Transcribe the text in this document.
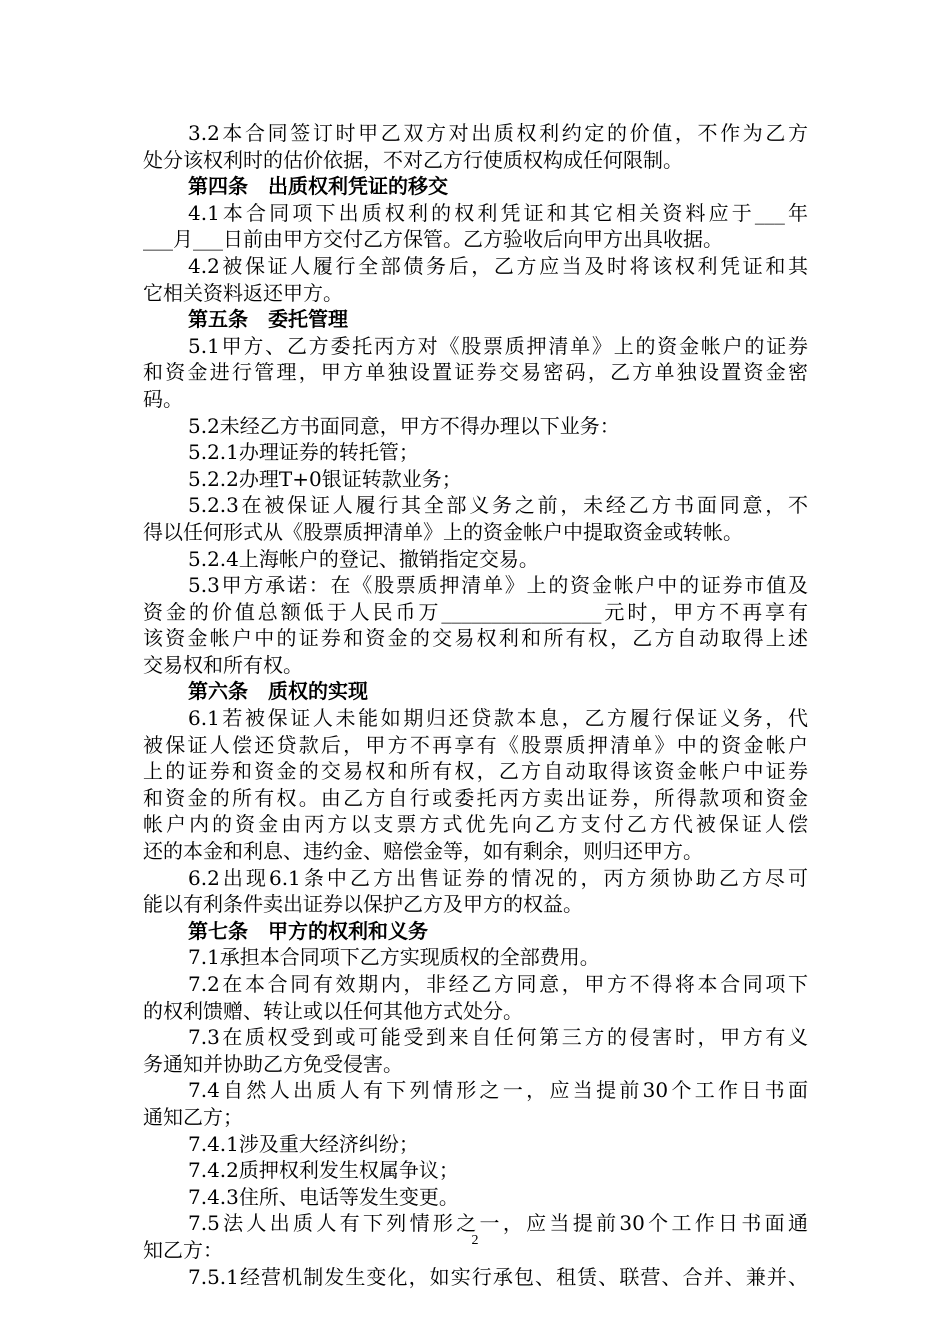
3.2本合同签订时甲乙双方对出质权利约定的价值，不作为乙方
处分该权利时的估价依据，不对乙方行使质权构成任何限制。
第四条　出质权利凭证的移交
4.1本合同项下出质权利的权利凭证和其它相关资料应于___年
___月___日前由甲方交付乙方保管。乙方验收后向甲方出具收据。
4.2被保证人履行全部债务后，乙方应当及时将该权利凭证和其
它相关资料返还甲方。
第五条　委托管理
5.1甲方、乙方委托丙方对《股票质押清单》上的资金帐户的证券
和资金进行管理，甲方单独设置证券交易密码，乙方单独设置资金密
码。
5.2未经乙方书面同意，甲方不得办理以下业务：
5.2.1办理证券的转托管；
5.2.2办理T+0银证转款业务；
5.2.3在被保证人履行其全部义务之前，未经乙方书面同意，不
得以任何形式从《股票质押清单》上的资金帐户中提取资金或转帐。
5.2.4上海帐户的登记、撤销指定交易。
5.3甲方承诺：在《股票质押清单》上的资金帐户中的证券市值及
资金的价值总额低于人民币万________________元时，甲方不再享有
该资金帐户中的证券和资金的交易权利和所有权，乙方自动取得上述
交易权和所有权。
第六条　质权的实现
6.1若被保证人未能如期归还贷款本息，乙方履行保证义务，代
被保证人偿还贷款后，甲方不再享有《股票质押清单》中的资金帐户
上的证券和资金的交易权和所有权，乙方自动取得该资金帐户中证券
和资金的所有权。由乙方自行或委托丙方卖出证券，所得款项和资金
帐户内的资金由丙方以支票方式优先向乙方支付乙方代被保证人偿
还的本金和利息、违约金、赔偿金等，如有剩余，则归还甲方。
6.2出现6.1条中乙方出售证券的情况的，丙方须协助乙方尽可
能以有利条件卖出证券以保护乙方及甲方的权益。
第七条　甲方的权利和义务
7.1承担本合同项下乙方实现质权的全部费用。
7.2在本合同有效期内，非经乙方同意，甲方不得将本合同项下
的权利馈赠、转让或以任何其他方式处分。
7.3在质权受到或可能受到来自任何第三方的侵害时，甲方有义
务通知并协助乙方免受侵害。
7.4自然人出质人有下列情形之一，应当提前30个工作日书面
通知乙方；
7.4.1涉及重大经济纠纷；
7.4.2质押权利发生权属争议；
7.4.3住所、电话等发生变更。
7.5法人出质人有下列情形之一，应当提前30个工作日书面通
知乙方：
7.5.1经营机制发生变化，如实行承包、租赁、联营、合并、兼并、
2
